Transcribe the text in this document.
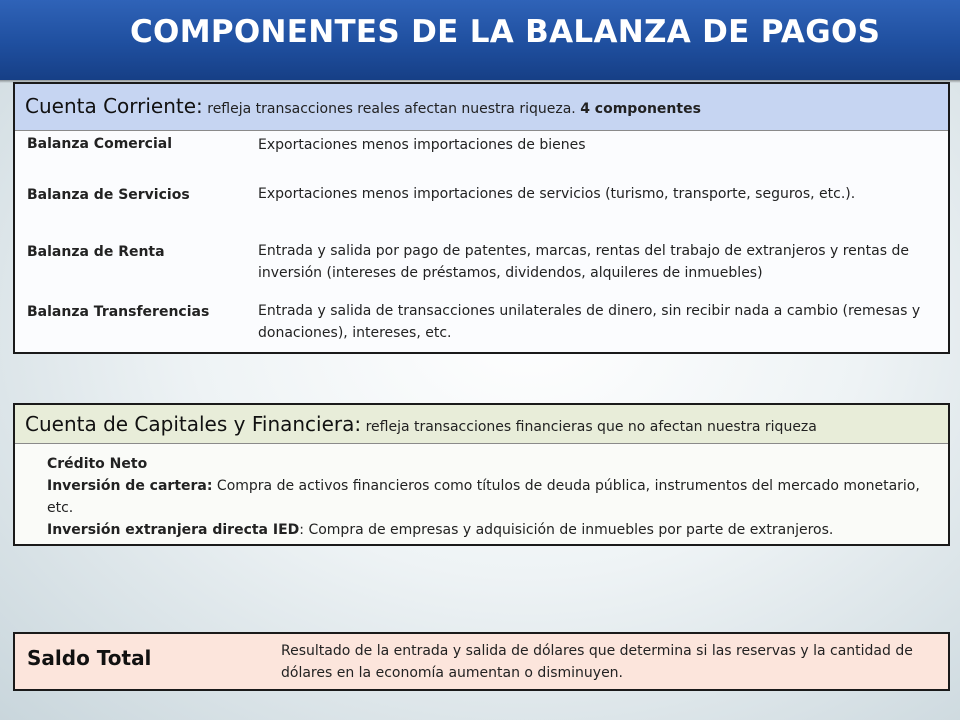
COMPONENTES DE LA BALANZA DE PAGOS
Cuenta Corriente: refleja transacciones reales afectan nuestra riqueza. 4 componentes
Balanza Comercial	Exportaciones menos importaciones de bienes
Balanza de Servicios	Exportaciones menos importaciones de servicios (turismo, transporte, seguros, etc.).
Balanza de Renta	Entrada y salida por pago de patentes, marcas, rentas del trabajo de extranjeros y rentas de inversión (intereses de préstamos, dividendos, alquileres de inmuebles)
Balanza Transferencias	Entrada y salida de transacciones unilaterales de dinero, sin recibir nada a cambio (remesas y donaciones), intereses, etc.
Cuenta de Capitales y Financiera: refleja transacciones financieras que no afectan nuestra riqueza
Crédito Neto
Inversión de cartera: Compra de activos financieros como títulos de deuda pública, instrumentos del mercado monetario, etc.
Inversión extranjera directa IED: Compra de empresas y adquisición de inmuebles por parte de extranjeros.
Saldo Total	Resultado de la entrada y salida de dólares que determina si las reservas y la cantidad de dólares en la economía aumentan o disminuyen.
